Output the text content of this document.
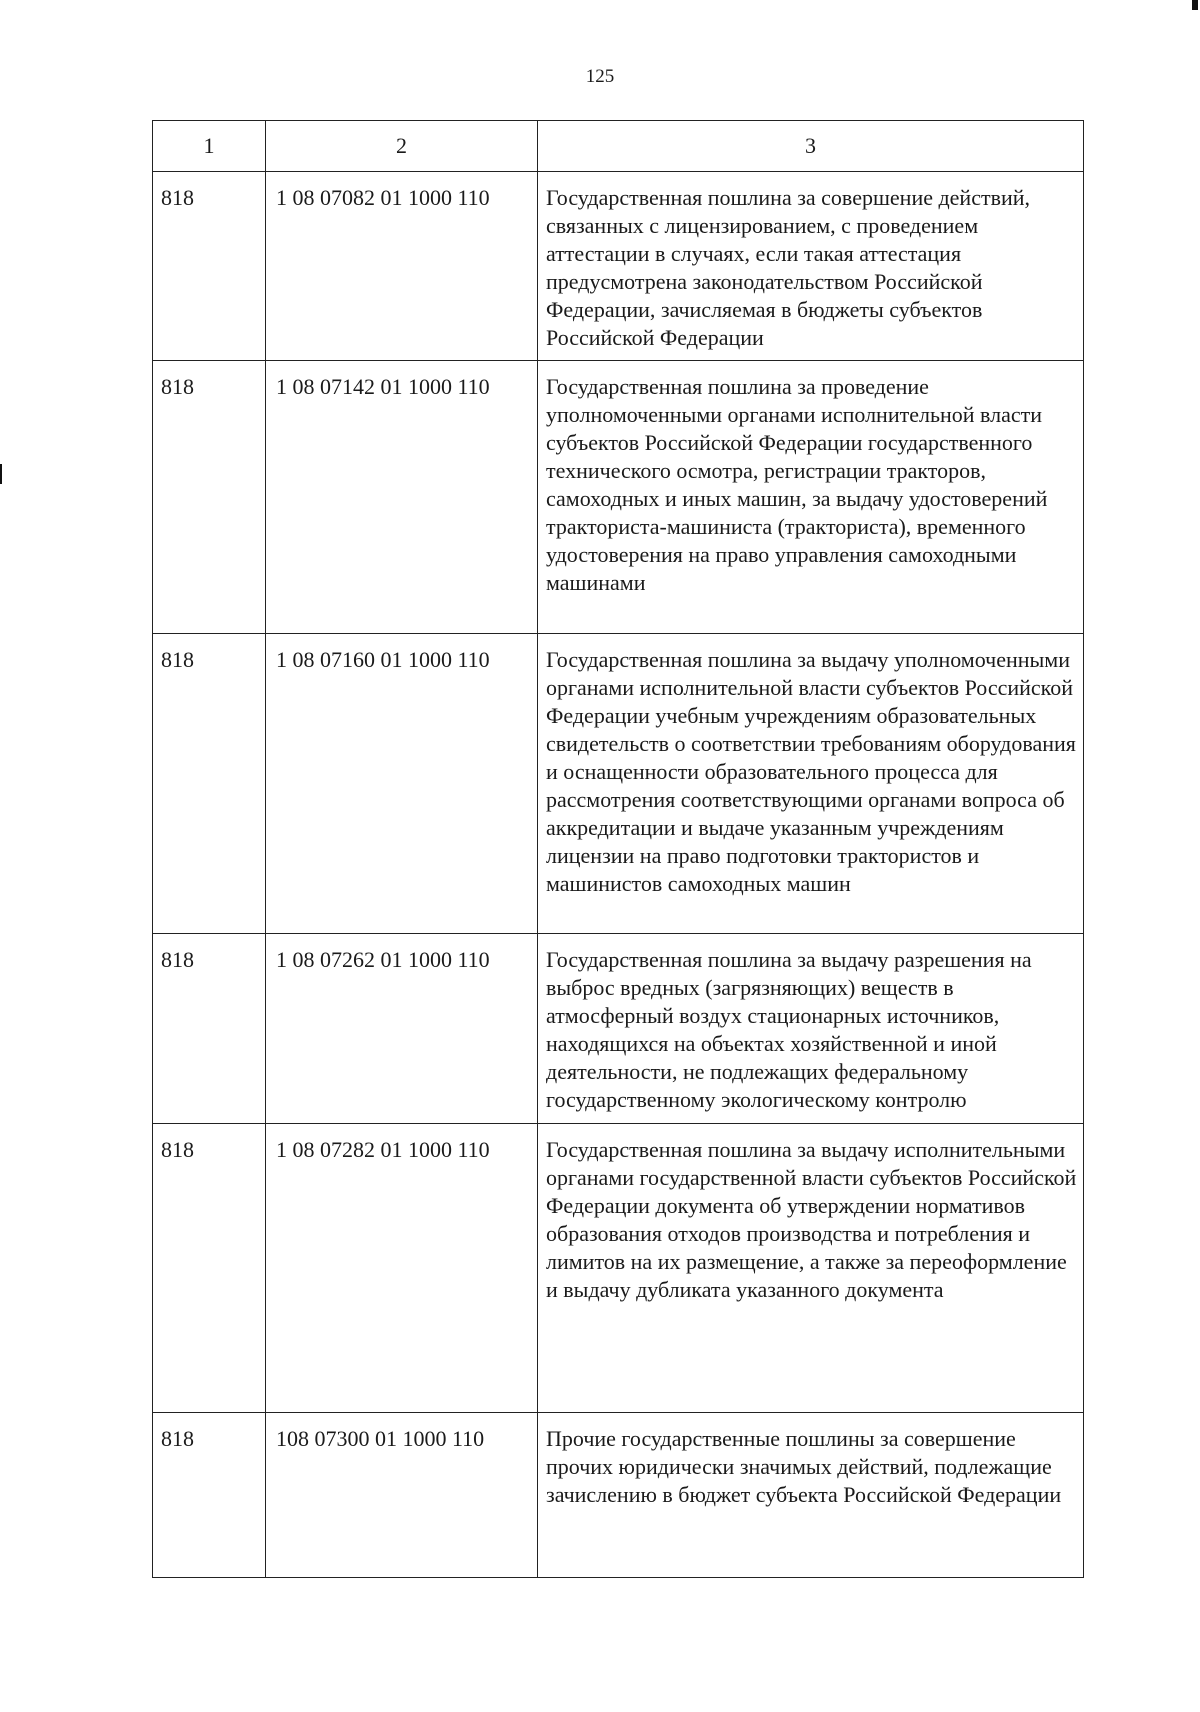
125
1	2	3
818	1 08 07082 01 1000 110	Государственная пошлина за совершение действий, связанных с лицензированием, с проведением аттестации в случаях, если такая аттестация предусмотрена законодательством Российской Федерации, зачисляемая в бюджеты субъектов Российской Федерации
818	1 08 07142 01 1000 110	Государственная пошлина за проведение уполномоченными органами исполнительной власти субъектов Российской Федерации государственного технического осмотра, регистрации тракторов, самоходных и иных машин, за выдачу удостоверений тракториста-машиниста (тракториста), временного удостоверения на право управления самоходными машинами
818	1 08 07160 01 1000 110	Государственная пошлина за выдачу уполномоченными органами исполнительной власти субъектов Российской Федерации учебным учреждениям образовательных свидетельств о соответствии требованиям оборудования и оснащенности образовательного процесса для рассмотрения соответствующими органами вопроса об аккредитации и выдаче указанным учреждениям лицензии на право подготовки трактористов и машинистов самоходных машин
818	1 08 07262 01 1000 110	Государственная пошлина за выдачу разрешения на выброс вредных (загрязняющих) веществ в атмосферный воздух стационарных источников, находящихся на объектах хозяйственной и иной деятельности, не подлежащих федеральному государственному экологическому контролю
818	1 08 07282 01 1000 110	Государственная пошлина за выдачу исполнительными органами государственной власти субъектов Российской Федерации документа об утверждении нормативов образования отходов производства и потребления и лимитов на их размещение, а также за переоформление и выдачу дубликата указанного документа
818	108 07300 01 1000 110	Прочие государственные пошлины за совершение прочих юридически значимых действий, подлежащие зачислению в бюджет субъекта Российской Федерации
